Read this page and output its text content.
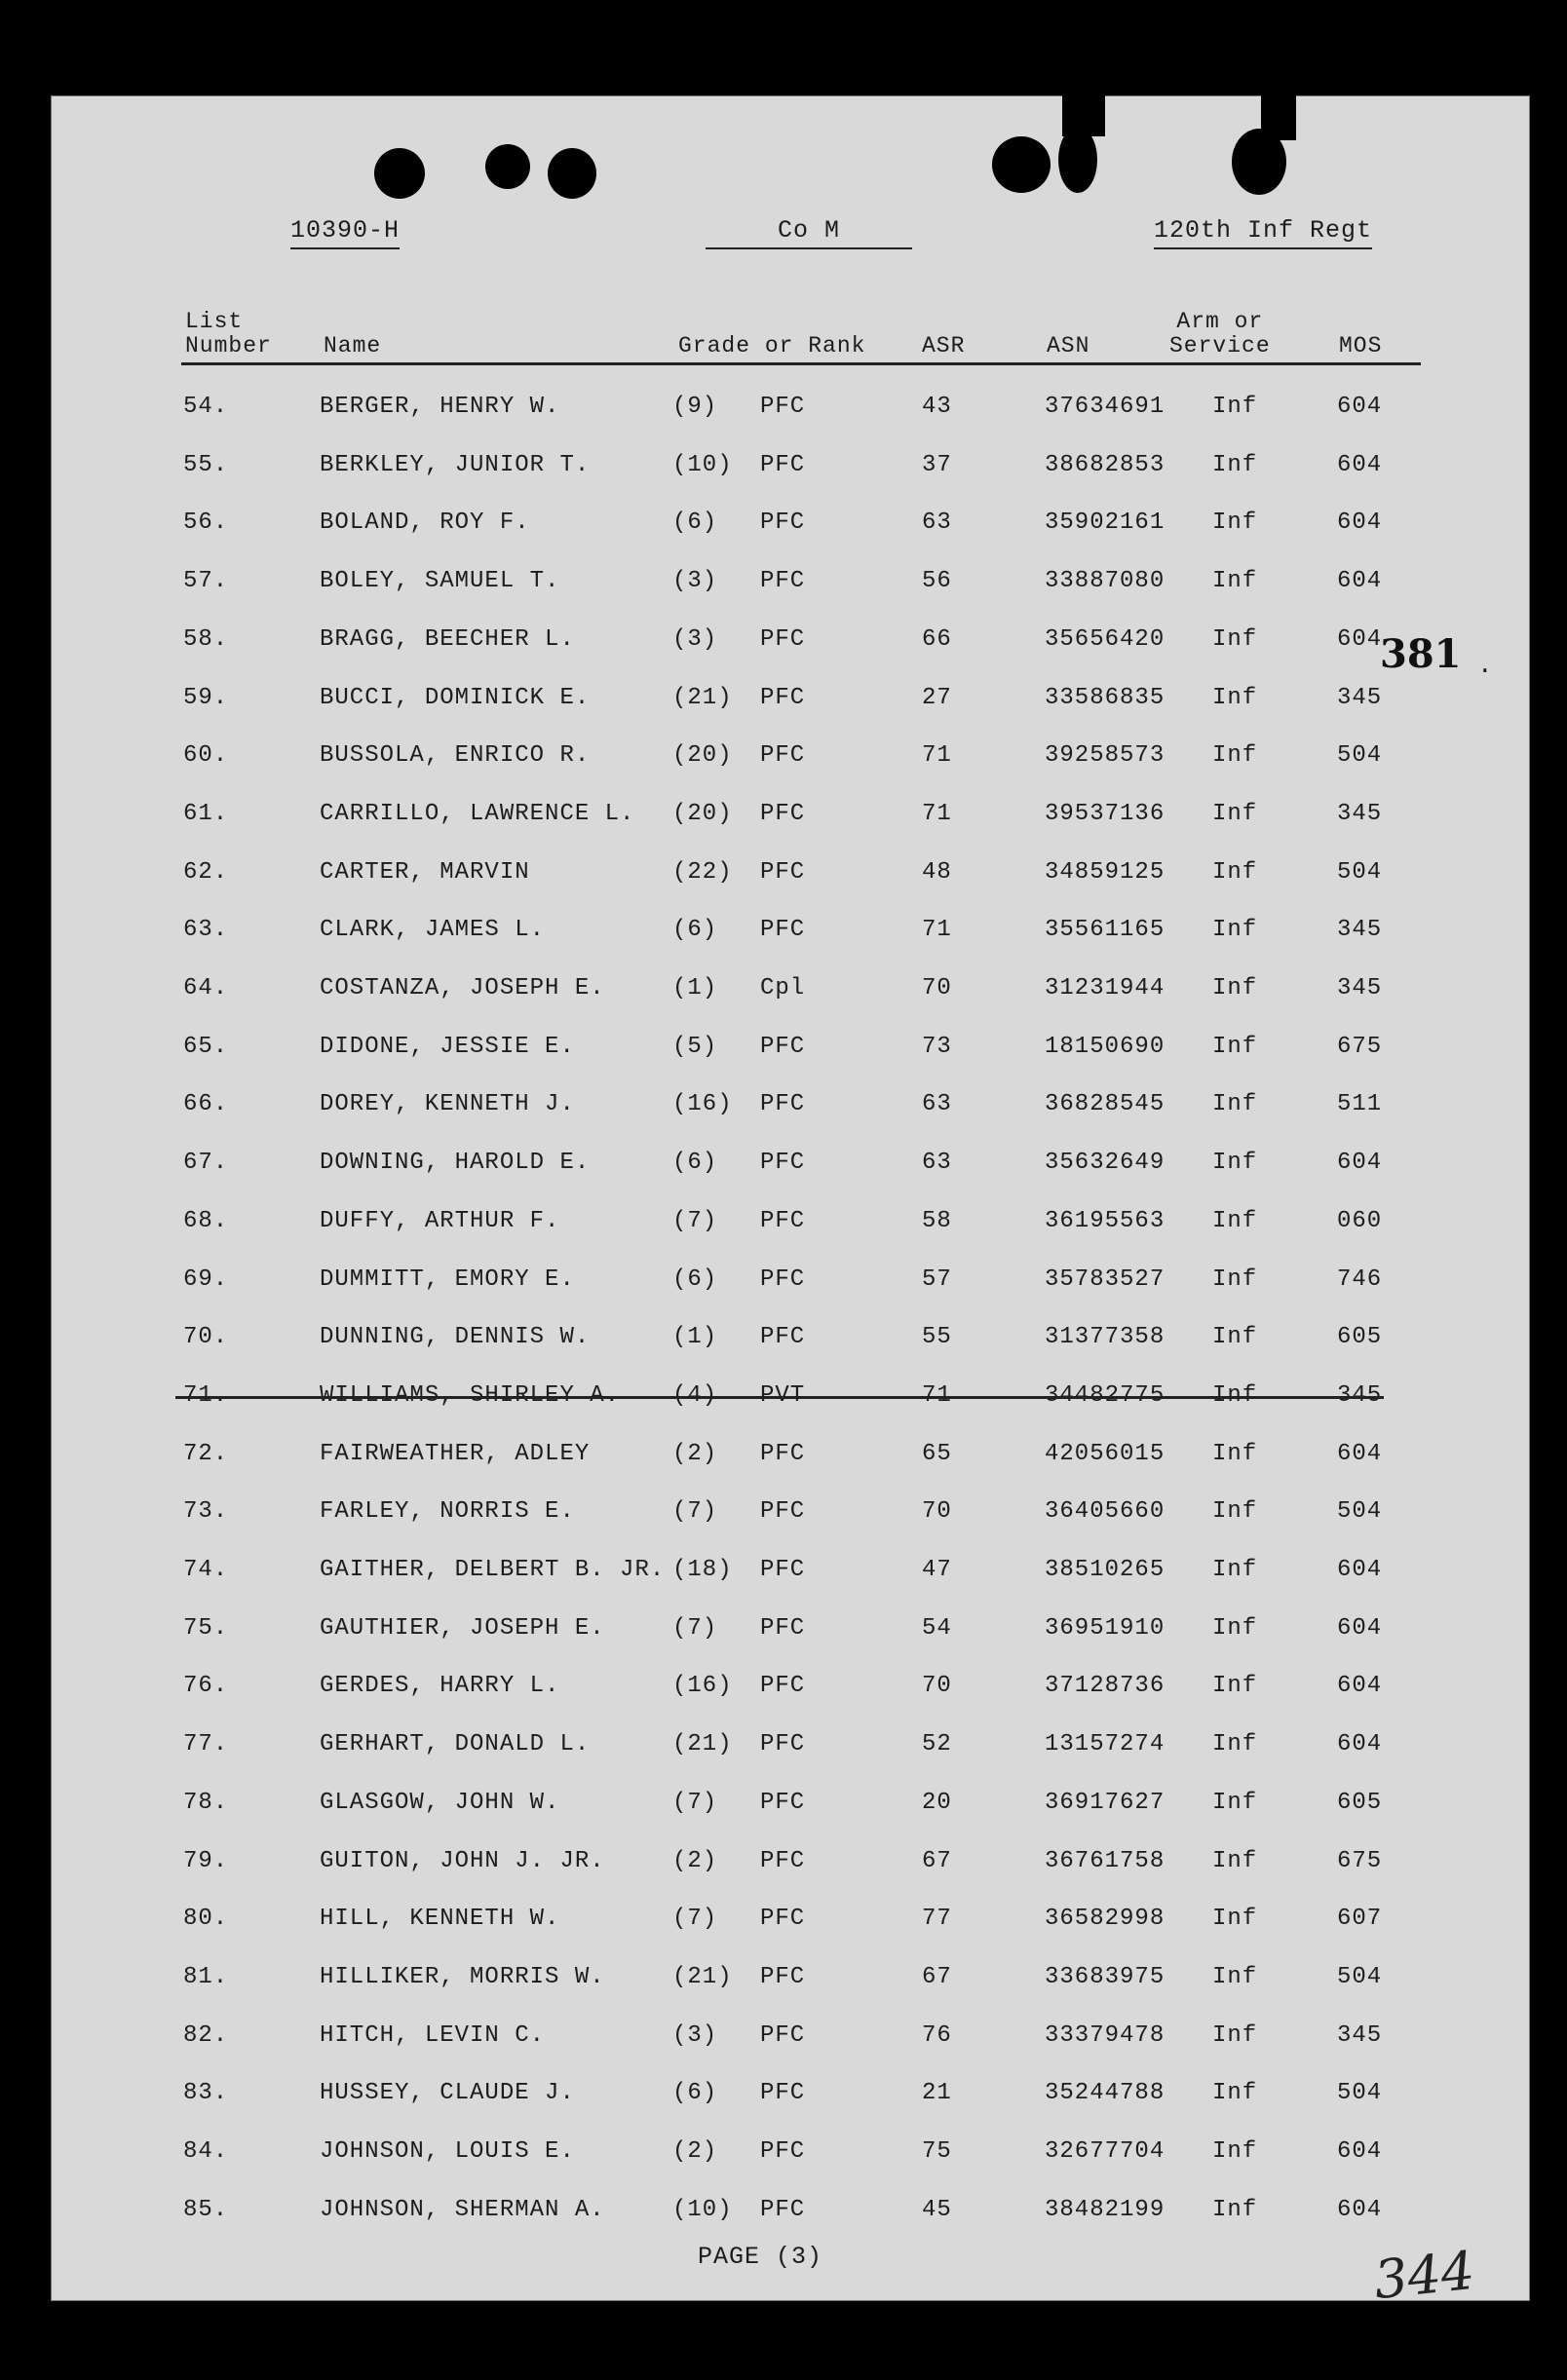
10390-H	Co M	120th Inf Regt
List
Number Name	Grade or Rank	ASR	ASN
Arm or
Service	MOS
54.	BERGER, HENRY W.	(9) PFC	43	37634691 Inf	604
55.	BERKLEY, JUNIOR T.	(10) PFC	37	38682853 Inf	604
56.	BOLAND, ROY F.	(6) PFC	63	35902161 Inf	604
57.	BOLEY, SAMUEL T.	(3) PFC	56	33887080 Inf	604
58.	BRAGG, BEECHER L.	(3) PFC	66	35656420 Inf	604
59.	BUCCI, DOMINICK E.	(21) PFC	27	33586835 Inf	345
60.	BUSSOLA, ENRICO R.	(20) PFC	71	39258573 Inf	504
61.	CARRILLO, LAWRENCE L. (20) PFC	71	39537136 Inf	345
62.	CARTER, MARVIN	(22) PFC	48	34859125 Inf	504
63.	CLARK, JAMES L.	(6) PFC	71	35561165 Inf	345
64.	COSTANZA, JOSEPH E.	(1) Cpl	70	31231944 Inf	345
65.	DIDONE, JESSIE E.	(5) PFC	73	18150690 Inf	675
66.	DOREY, KENNETH J.	(16) PFC	63	36828545 Inf	511
67.	DOWNING, HAROLD E.	(6) PFC	63	35632649 Inf	604
68.	DUFFY, ARTHUR F.	(7) PFC	58	36195563 Inf	060
69.	DUMMITT, EMORY E.	(6) PFC	57	35783527 Inf	746
70.	DUNNING, DENNIS W.	(1) PFC	55	31377358 Inf	605
72.	FAIRWEATHER, ADLEY	(2) PFC	65	42056015 Inf	604
73.	FARLEY, NORRIS E.	(7) PFC	70	36405660 Inf	504
74.	GAITHER, DELBERT B. JR. (18) PFC	47	38510265 Inf	604
75.	GAUTHIER, JOSEPH E.	(7) PFC	54	36951910 Inf	604
76.	GERDES, HARRY L.	(16) PFC	70	37128736 Inf	604
77.	GERHART, DONALD L.	(21) PFC	52	13157274 Inf	604
78.	GLASGOW, JOHN W.	(7) PFC	20	36917627 Inf	605
79.	GUITON, JOHN J. JR.	(2) PFC	67	36761758 Inf	675
80.	HILL, KENNETH W.	(7) PFC	77	36582998 Inf	607
81.	HILLIKER, MORRIS W.	(21) PFC	67	33683975 Inf	504
82.	HITCH, LEVIN C.	(3) PFC	76	33379478 Inf	345
83.	HUSSEY, CLAUDE J.	(6) PFC	21	35244788 Inf	504
84.	JOHNSON, LOUIS E.	(2) PFC	75	32677704 Inf	604
85.	JOHNSON, SHERMAN A.	(10) PFC	45	38482199 Inf	604
PAGE (3)
381 .
344
